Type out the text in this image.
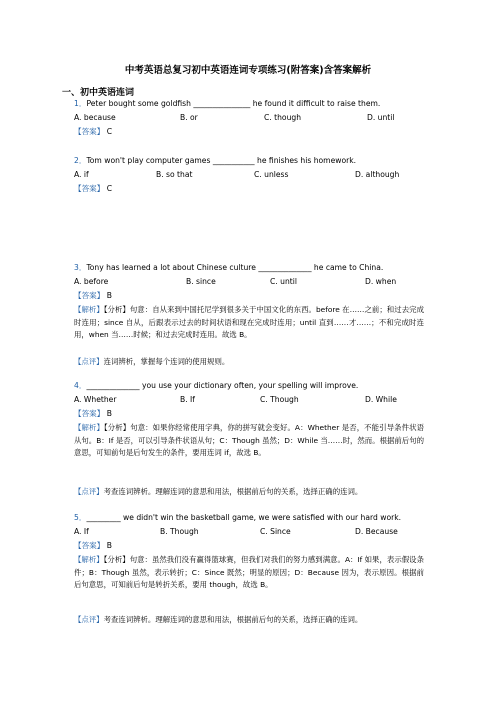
中考英语总复习初中英语连词专项练习(附答案)含答案解析
一、初中英语连词
1．Peter bought some goldfish _______________ he found it difficult to raise them.
A. because	B. or	C. though	D. until
【答案】 C
2．Tom won't play computer games ___________ he finishes his homework.
A. if	B. so that	C. unless	D. although
【答案】 C
3．Tony has learned a lot about Chinese culture ______________ he came to China.
A. before	B. since	C. until	D. when
【答案】 B
【解析】【分析】句意：自从来到中国托尼学到很多关于中国文化的东西。before 在……之前；和过去完成时连用；since 自从，后跟表示过去的时间状语和现在完成时连用；until 直到……才……；不和完成时连用，when 当……时候；和过去完成时连用。故选 B。
【点评】连词辨析，掌握每个连词的使用规则。
4．______________ you use your dictionary often, your spelling will improve.
A. Whether	B. If	C. Though	D. While
【答案】 B
【解析】【分析】句意：如果你经常使用字典，你的拼写就会变好。A：Whether 是否，不能引导条件状语从句。B：If 是否，可以引导条件状语从句；C：Though 虽然；D：While 当……时，然而。根据前后句的意思，可知前句是后句发生的条件，要用连词 if，故选 B。
【点评】考查连词辨析。理解连词的意思和用法，根据前后句的关系，选择正确的连词。
5．_________ we didn't win the basketball game, we were satisfied with our hard work.
A. If	B. Though	C. Since	D. Because
【答案】 B
【解析】【分析】句意：虽然我们没有赢得篮球赛，但我们对我们的努力感到满意。A：If 如果，表示假设条件；B：Though 虽然，表示转折；C：Since 既然；明显的原因；D：Because 因为，表示原因。根据前后句意思，可知前后句是转折关系，要用 though，故选 B。
【点评】考查连词辨析。理解连词的意思和用法，根据前后句的关系，选择正确的连词。
